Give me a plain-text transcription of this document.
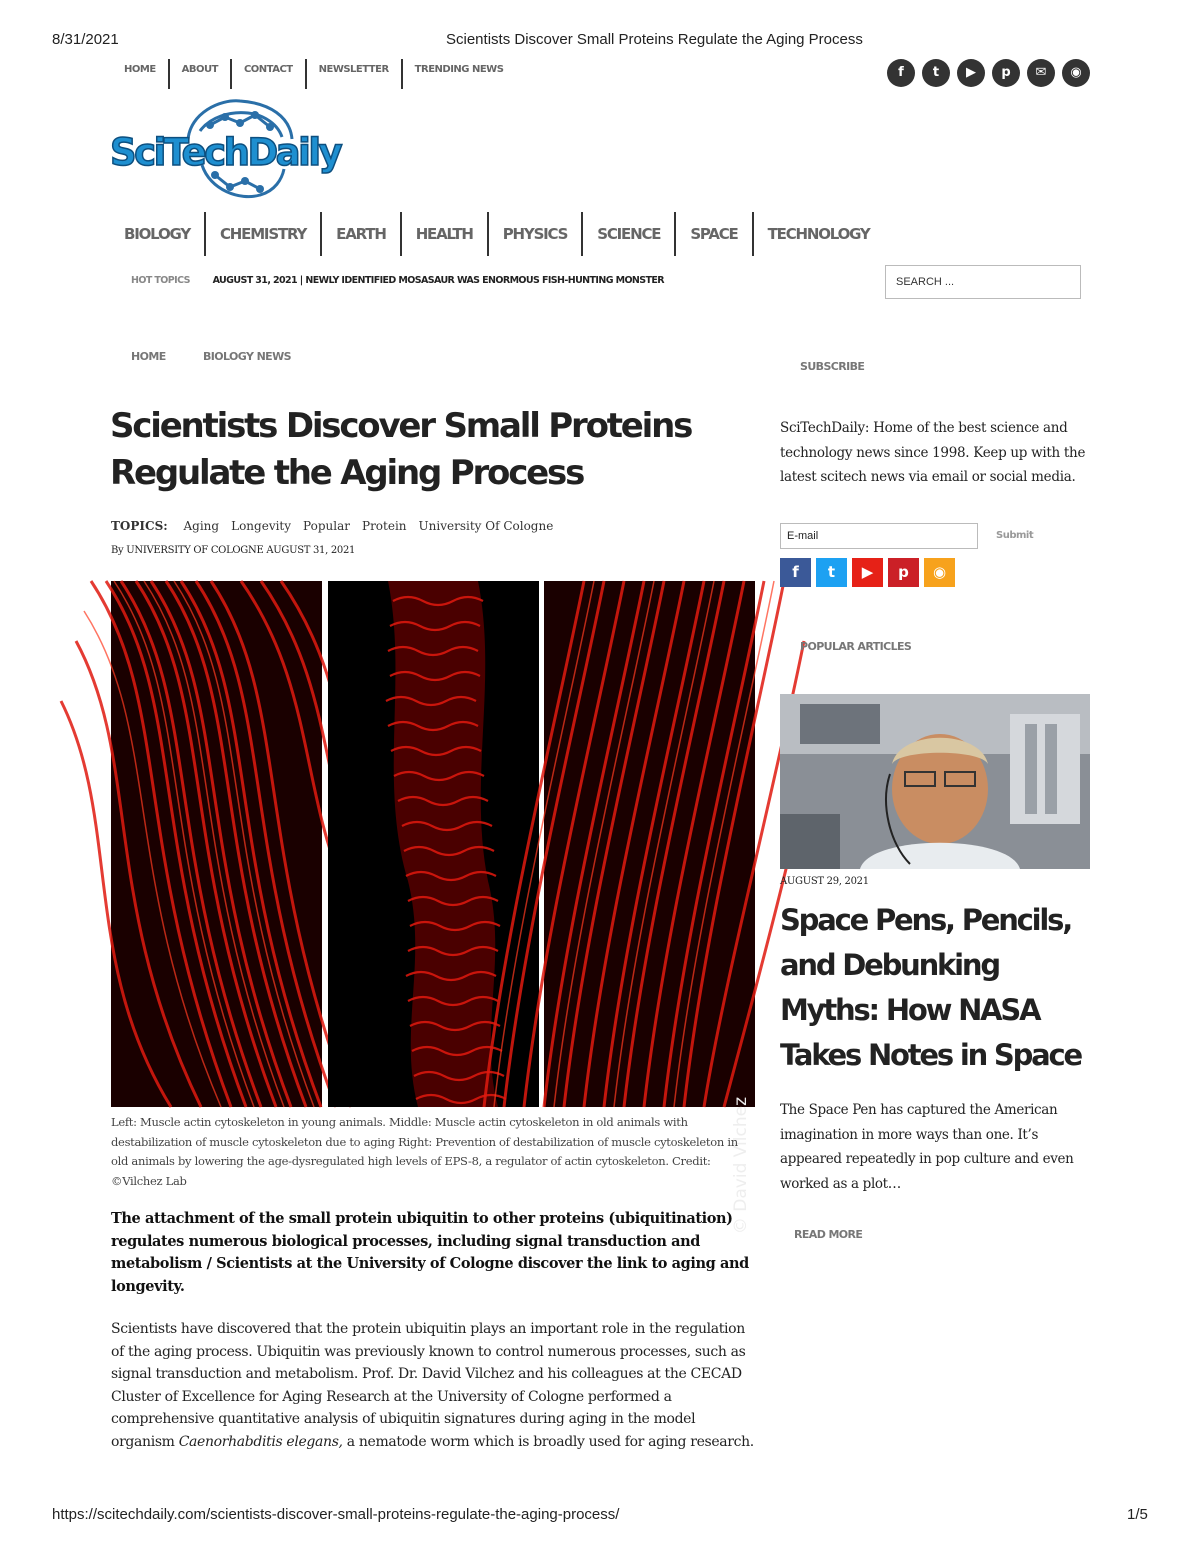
8/31/2021	Scientists Discover Small Proteins Regulate the Aging Process
HOME	ABOUT	CONTACT	NEWSLETTER	TRENDING NEWS	f	t	▶	p	✉	◉
SciTechDaily
BIOLOGY	CHEMISTRY	EARTH	HEALTH	PHYSICS	SCIENCE	SPACE	TECHNOLOGY
HOT TOPICS AUGUST 31, 2021 | NEWLY IDENTIFIED MOSASAUR WAS ENORMOUS FISH-HUNTING MONSTER	SEARCH ...
HOME	BIOLOGY NEWS
Scientists Discover Small Proteins Regulate the Aging Process
TOPICS: Aging Longevity Popular Protein University Of Cologne
By UNIVERSITY OF COLOGNE AUGUST 31, 2021
© David Vilchez
Left: Muscle actin cytoskeleton in young animals. Middle: Muscle actin cytoskeleton in old animals with destabilization of muscle cytoskeleton due to aging Right: Prevention of destabilization of muscle cytoskeleton in old animals by lowering the age-dysregulated high levels of EPS-8, a regulator of actin cytoskeleton. Credit: ©Vilchez Lab
The attachment of the small protein ubiquitin to other proteins (ubiquitination) regulates numerous biological processes, including signal transduction and metabolism / Scientists at the University of Cologne discover the link to aging and longevity.
Scientists have discovered that the protein ubiquitin plays an important role in the regulation of the aging process. Ubiquitin was previously known to control numerous processes, such as signal transduction and metabolism. Prof. Dr. David Vilchez and his colleagues at the CECAD Cluster of Excellence for Aging Research at the University of Cologne performed a comprehensive quantitative analysis of ubiquitin signatures during aging in the model organism Caenorhabditis elegans, a nematode worm which is broadly used for aging research.
SUBSCRIBE
SciTechDaily: Home of the best science and technology news since 1998. Keep up with the latest scitech news via email or social media.
E-mail	Submit
f	t	▶	p	◉
POPULAR ARTICLES
AUGUST 29, 2021
Space Pens, Pencils, and Debunking Myths: How NASA Takes Notes in Space
The Space Pen has captured the American imagination in more ways than one. It’s appeared repeatedly in pop culture and even worked as a plot…
READ MORE
https://scitechdaily.com/scientists-discover-small-proteins-regulate-the-aging-process/	1/5
